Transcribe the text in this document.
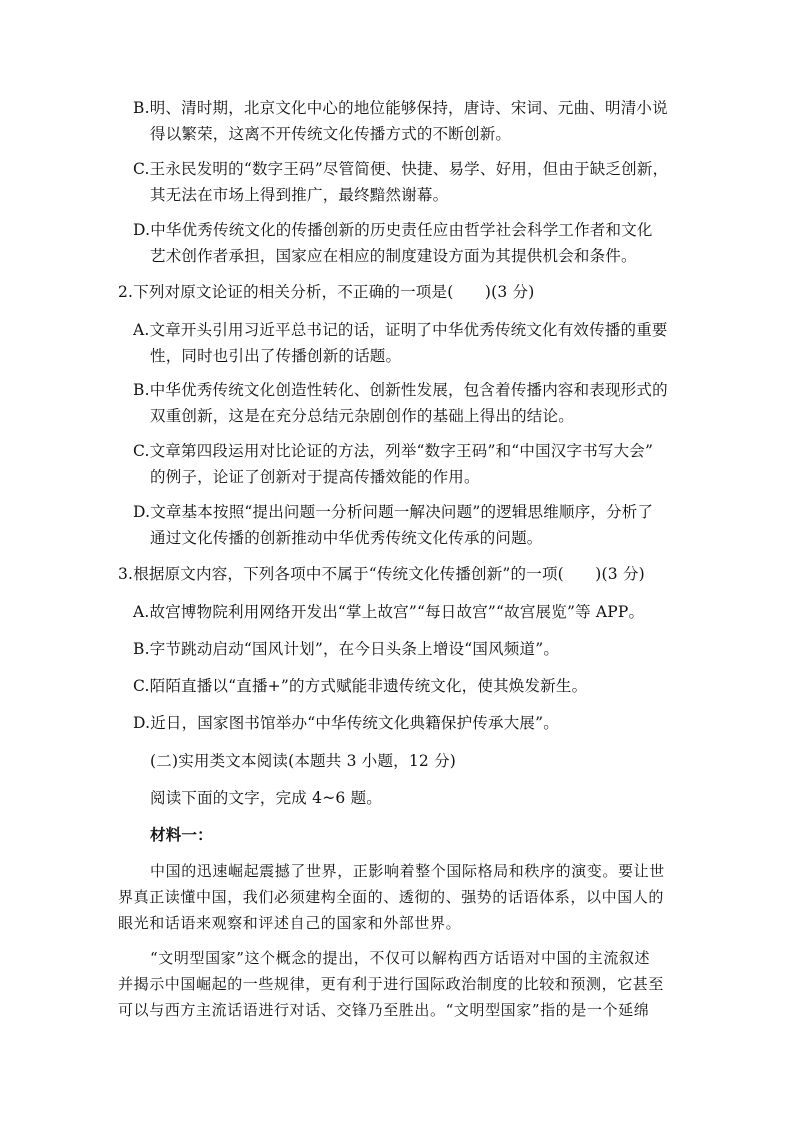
B.明、清时期，北京文化中心的地位能够保持，唐诗、宋词、元曲、明清小说
得以繁荣，这离不开传统文化传播方式的不断创新。
C.王永民发明的“数字王码”尽管简便、快捷、易学、好用，但由于缺乏创新，
其无法在市场上得到推广，最终黯然谢幕。
D.中华优秀传统文化的传播创新的历史责任应由哲学社会科学工作者和文化
艺术创作者承担，国家应在相应的制度建设方面为其提供机会和条件。
2.下列对原文论证的相关分析，不正确的一项是(　　)(3 分)
A.文章开头引用习近平总书记的话，证明了中华优秀传统文化有效传播的重要
性，同时也引出了传播创新的话题。
B.中华优秀传统文化创造性转化、创新性发展，包含着传播内容和表现形式的
双重创新，这是在充分总结元杂剧创作的基础上得出的结论。
C.文章第四段运用对比论证的方法，列举“数字王码”和“中国汉字书写大会”
的例子，论证了创新对于提高传播效能的作用。
D.文章基本按照“提出问题一分析问题一解决问题”的逻辑思维顺序，分析了
通过文化传播的创新推动中华优秀传统文化传承的问题。
3.根据原文内容，下列各项中不属于“传统文化传播创新”的一项(　　)(3 分)
A.故宫博物院利用网络开发出“掌上故宫”“每日故宫”“故宫展览”等 APP。
B.字节跳动启动“国风计划”，在今日头条上增设“国风频道”。
C.陌陌直播以“直播+”的方式赋能非遗传统文化，使其焕发新生。
D.近日，国家图书馆举办“中华传统文化典籍保护传承大展”。
(二)实用类文本阅读(本题共 3 小题，12 分)
阅读下面的文字，完成 4~6 题。
材料一：
中国的迅速崛起震撼了世界，正影响着整个国际格局和秩序的演变。要让世
界真正读懂中国，我们必须建构全面的、透彻的、强势的话语体系，以中国人的
眼光和话语来观察和评述自己的国家和外部世界。
“文明型国家”这个概念的提出，不仅可以解构西方话语对中国的主流叙述
并揭示中国崛起的一些规律，更有利于进行国际政治制度的比较和预测，它甚至
可以与西方主流话语进行对话、交锋乃至胜出。“文明型国家”指的是一个延绵
